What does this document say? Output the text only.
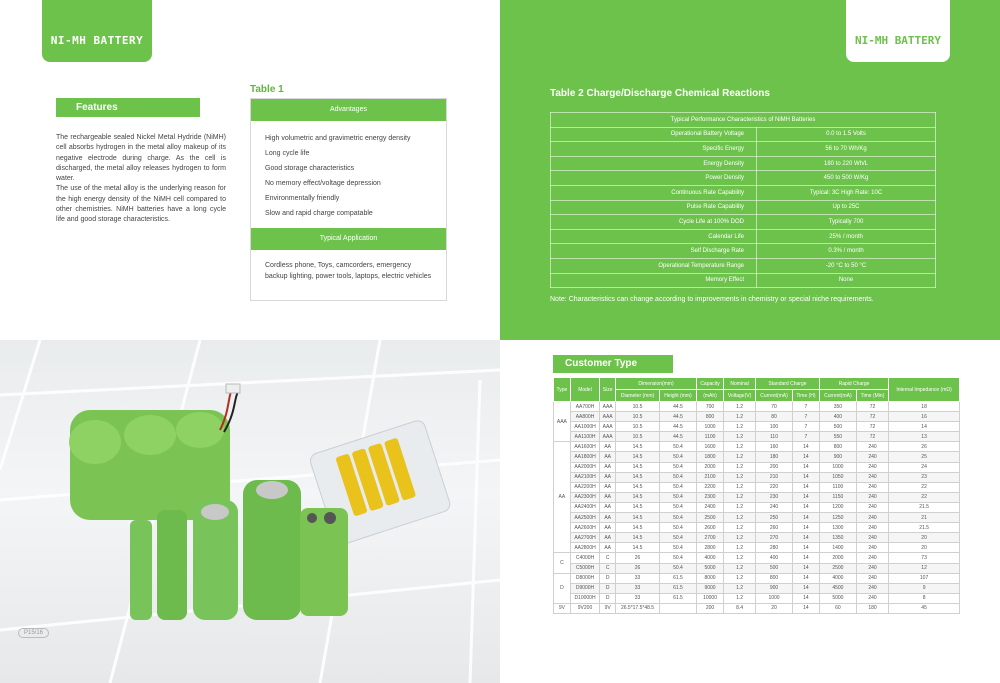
NI-MH BATTERY
Features

The rechargeable sealed Nickel Metal Hydride (NiMH) cell absorbs hydrogen in the metal alloy makeup of its negative electrode during charge. As the cell is discharged, the metal alloy releases hydrogen to form water.

The use of the metal alloy is the underlying reason for the high energy density of the NiMH cell compared to other chemistries. NiMH batteries have a long cycle life and good storage characteristics.

Table 1
Advantages
High volumetric and gravimetric energy density
Long cycle life
Good storage characteristics
No memory effect/voltage depression
Environmentally friendly
Slow and rapid charge compatable
Typical Application
Cordless phone, Toys, camcorders, emergency backup lighting, power tools, laptops, electric vehicles
NI-MH BATTERY
Table 2 Charge/Discharge Chemical Reactions
Typical Performance Characteristics of NiMH Batteries	
Operational Battery Voltage	0.0 to 1.5 Volts
Specific Energy	56 to 70 Wh/Kg
Energy Density	180 to 220 Wh/L
Power Density	450 to 500 W/Kg
Continuous Rate Capability	Typical: 3C High Rate: 10C
Pulse Rate Capability	Up to 25C
Cycle Life at 100% DOD	Typically 700
Calendar Life	25% / month
Self Discharge Rate	0.3% / month
Operational Temperature Range	-20 °C to 50 °C
Memory Effect	None
Note: Characteristics can change according to improvements in chemistry or special niche requirements.
P15/16
Customer Type
Type	Model	Size	Dimension(mm)		Capacity	Nominal	Standard Charge		Rapid Charge		Internal Impedance (mΩ)
			Diameter (mm)	Height (mm)	(mAh)	Voltage(V)	Current(mA)	Time (H)	Current(mA)	Time (Min)	
AAA	AA700H	AAA	10.5	44.5	700	1.2	70	7	350	72	18
	AA800H	AAA	10.5	44.5	800	1.2	80	7	400	72	16
	AA1000H	AAA	10.5	44.5	1000	1.2	100	7	500	72	14
	AA1100H	AAA	10.5	44.5	1100	1.2	110	7	550	72	13
AA	AA1600H	AA	14.5	50.4	1600	1.2	160	14	800	240	26
	AA1800H	AA	14.5	50.4	1800	1.2	180	14	900	240	25
	AA2000H	AA	14.5	50.4	2000	1.2	200	14	1000	240	24
	AA2100H	AA	14.5	50.4	2100	1.2	210	14	1050	240	23
	AA2200H	AA	14.5	50.4	2200	1.2	220	14	1100	240	22
	AA2300H	AA	14.5	50.4	2300	1.2	230	14	1150	240	22
	AA2400H	AA	14.5	50.4	2400	1.2	240	14	1200	240	21.5
	AA2500H	AA	14.5	50.4	2500	1.2	250	14	1250	240	21
	AA2600H	AA	14.5	50.4	2600	1.2	260	14	1300	240	21.5
	AA2700H	AA	14.5	50.4	2700	1.2	270	14	1350	240	20
	AA2800H	AA	14.5	50.4	2800	1.2	280	14	1400	240	20
C	C4000H	C	26	50.4	4000	1.2	400	14	2000	240	73
	C5000H	C	26	50.4	5000	1.2	500	14	2500	240	12
D	D8000H	D	33	61.5	8000	1.2	800	14	4000	240	107
	D9000H	D	33	61.5	9000	1.2	900	14	4500	240	9
	D10000H	D	33	61.5	10000	1.2	1000	14	5000	240	8
9V	9V200	9V	26.5*17.5*48.5		200	8.4	20	14	60	180	45
